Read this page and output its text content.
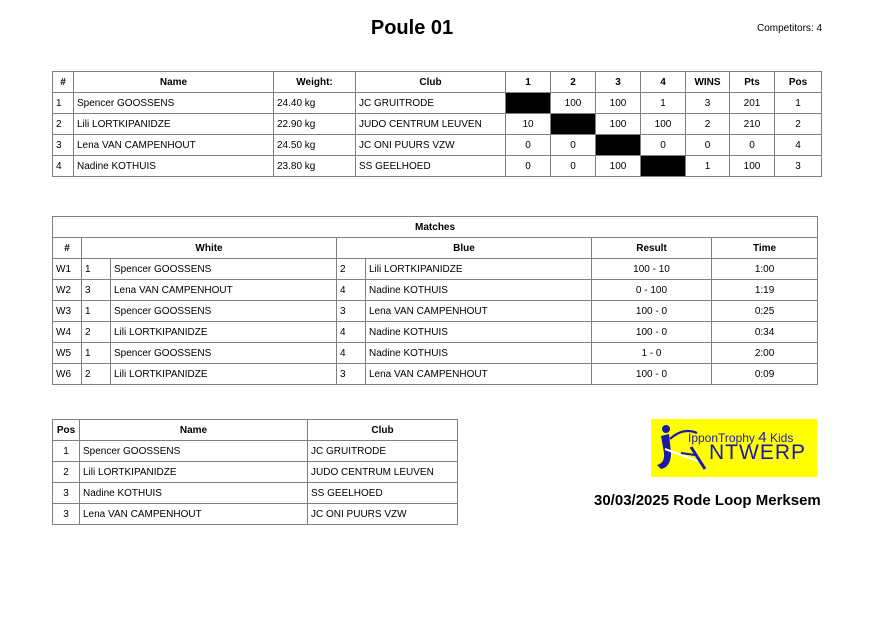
Poule 01	Competitors: 4
#	Name	Weight:	Club	1	2	3	4	WINS	Pts	Pos
1	Spencer GOOSSENS	24.40 kg	JC GRUITRODE		100	100	1	3	201	1
2	Lili LORTKIPANIDZE	22.90 kg	JUDO CENTRUM LEUVEN	10		100	100	2	210	2
3	Lena VAN CAMPENHOUT	24.50 kg	JC ONI PUURS VZW	0	0		0	0	0	4
4	Nadine KOTHUIS	23.80 kg	SS GEELHOED	0	0	100		1	100	3
Matches						
#	White		Blue		Result	Time
W1	1	Spencer GOOSSENS	2	Lili LORTKIPANIDZE	100 - 10	1:00
W2	3	Lena VAN CAMPENHOUT	4	Nadine KOTHUIS	0 - 100	1:19
W3	1	Spencer GOOSSENS	3	Lena VAN CAMPENHOUT	100 - 0	0:25
W4	2	Lili LORTKIPANIDZE	4	Nadine KOTHUIS	100 - 0	0:34
W5	1	Spencer GOOSSENS	4	Nadine KOTHUIS	1 - 0	2:00
W6	2	Lili LORTKIPANIDZE	3	Lena VAN CAMPENHOUT	100 - 0	0:09
Pos	Name	Club
1	Spencer GOOSSENS	JC GRUITRODE
2	Lili LORTKIPANIDZE	JUDO CENTRUM LEUVEN
3	Nadine KOTHUIS	SS GEELHOED
3	Lena VAN CAMPENHOUT	JC ONI PUURS VZW
IpponTrophy 4 Kids
NTWERP
30/03/2025 Rode Loop Merksem
